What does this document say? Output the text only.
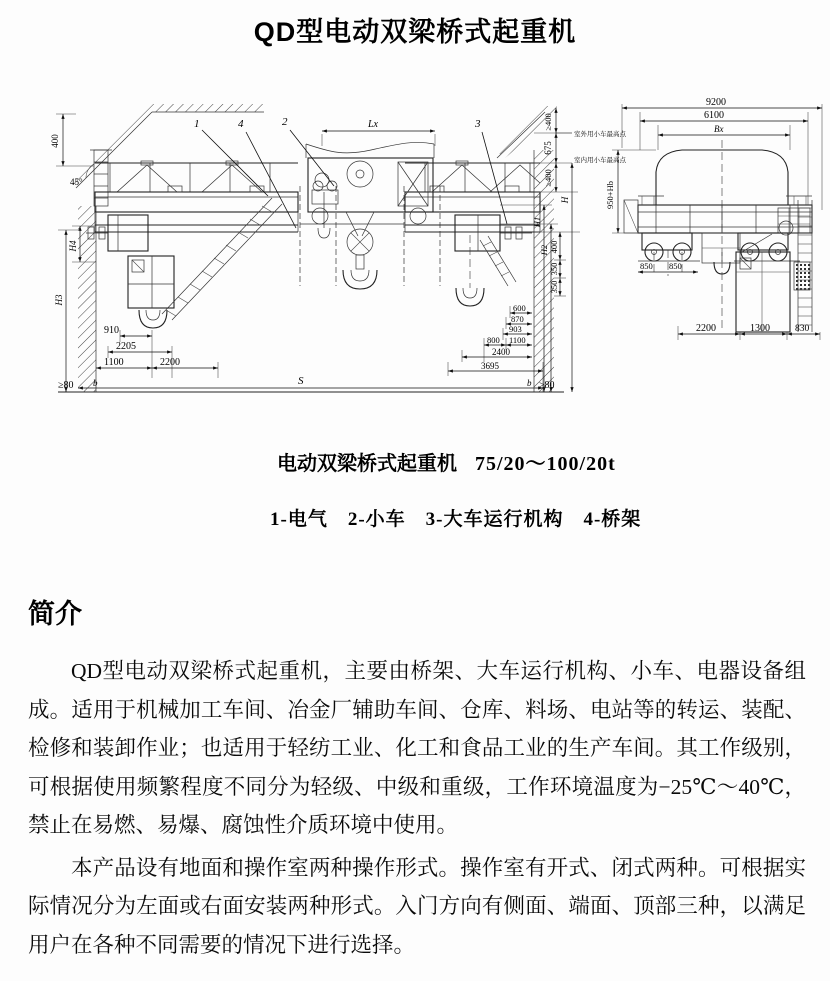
QD型电动双梁桥式起重机
1	4	2	3
Lx
400
45°
H4
H3
910
2205
1100	2200
≥80 b	S	b ≥80
≥400
675
≥400
室外用小车最高点
室内用小车最高点
H
H1
H2 400
350
350
600
870
903
800 1100
2400
3695
9200
6100
Bx
950+Hb
850 850
2200	1300	830
电动双梁桥式起重机 75/20～100/20t
1-电气　2-小车　3-大车运行机构　4-桥架
简介

QD型电动双梁桥式起重机，主要由桥架、大车运行机构、小车、电器设备组成。适用于机械加工车间、冶金厂辅助车间、仓库、料场、电站等的转运、装配、检修和装卸作业；也适用于轻纺工业、化工和食品工业的生产车间。其工作级别，可根据使用频繁程度不同分为轻级、中级和重级，工作环境温度为−25℃～40℃，禁止在易燃、易爆、腐蚀性介质环境中使用。

本产品设有地面和操作室两种操作形式。操作室有开式、闭式两种。可根据实际情况分为左面或右面安装两种形式。入门方向有侧面、端面、顶部三种，以满足用户在各种不同需要的情况下进行选择。
